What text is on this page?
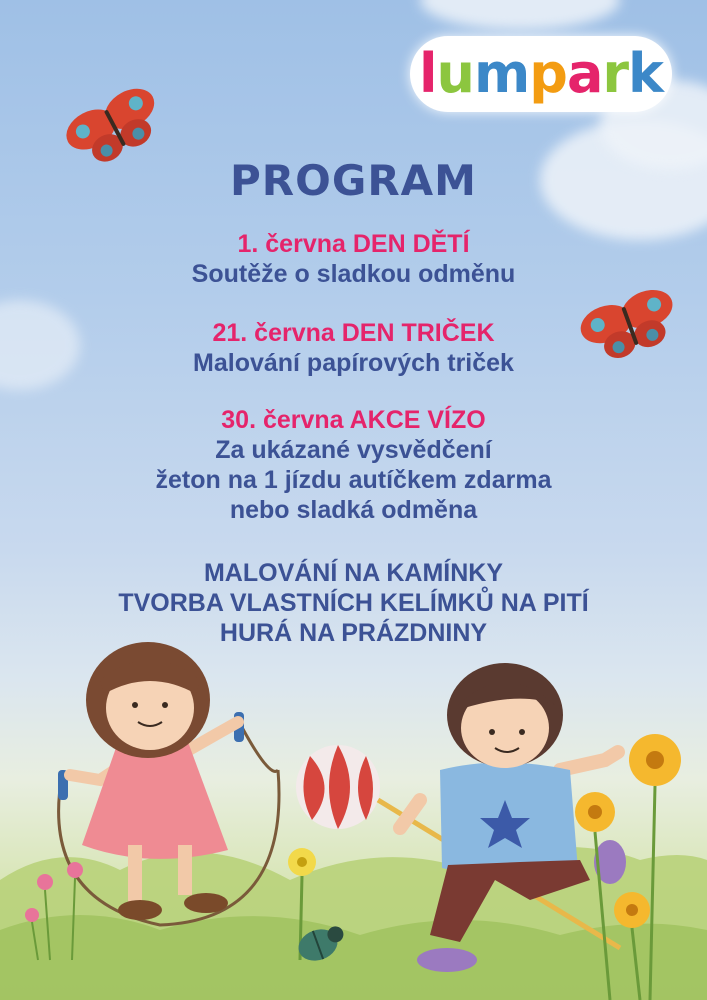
l u m p a r k
PROGRAM
1. června DEN DĚTÍ
Soutěže o sladkou odměnu
21. června DEN TRIČEK
Malování papírových triček
30. června AKCE VÍZO
Za ukázané vysvědčení
žeton na 1 jízdu autíčkem zdarma
nebo sladká odměna
MALOVÁNÍ NA KAMÍNKY
TVORBA VLASTNÍCH KELÍMKŮ NA PITÍ
HURÁ NA PRÁZDNINY
